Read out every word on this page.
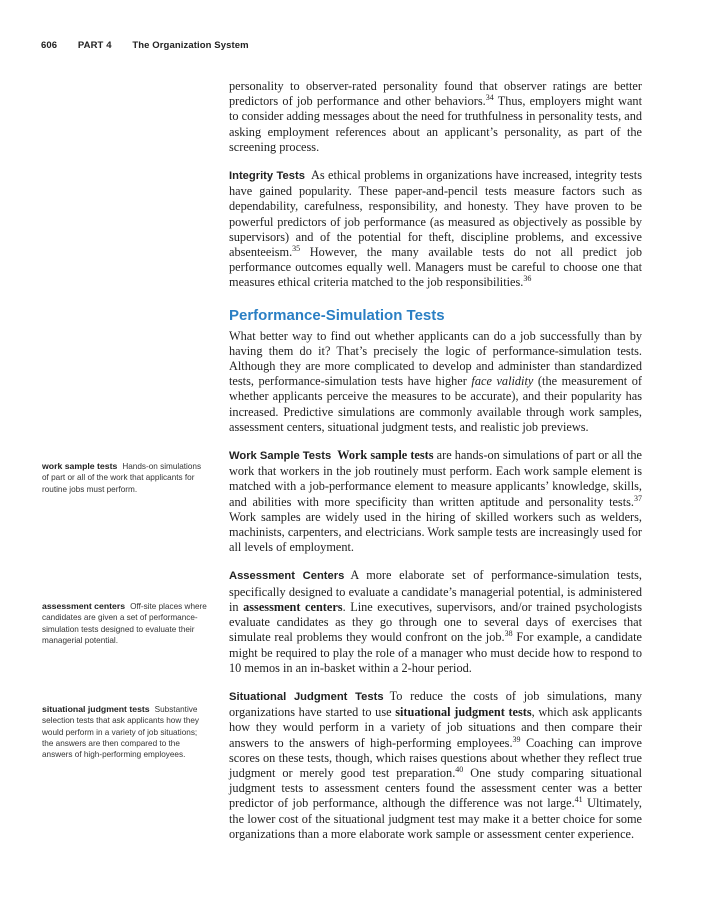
606 PART 4 The Organization System

personality to observer-rated personality found that observer ratings are better predictors of job performance and other behaviors.$^{34}$ Thus, employers might want to consider adding messages about the need for truthfulness in personality tests, and asking employment references about an applicant’s personality, as part of the screening process.

Integrity Tests As ethical problems in organizations have increased, integrity tests have gained popularity. These paper-and-pencil tests measure factors such as dependability, carefulness, responsibility, and honesty. They have proven to be powerful predictors of job performance (as measured as objectively as possible by supervisors) and of the potential for theft, discipline problems, and excessive absenteeism.$^{35}$ However, the many available tests do not all predict job performance outcomes equally well. Managers must be careful to choose one that measures ethical criteria matched to the job responsibilities.$^{36}$

Performance-Simulation Tests

What better way to find out whether applicants can do a job successfully than by having them do it? That’s precisely the logic of performance-simulation tests. Although they are more complicated to develop and administer than standardized tests, performance-simulation tests have higher face validity (the measurement of whether applicants perceive the measures to be accurate), and their popularity has increased. Predictive simulations are commonly available through work samples, assessment centers, situational judgment tests, and realistic job previews.

Work Sample Tests Work sample tests are hands-on simulations of part or all the work that workers in the job routinely must perform. Each work sample element is matched with a job-performance element to measure applicants’ knowledge, skills, and abilities with more specificity than written aptitude and personality tests.$^{37}$ Work samples are widely used in the hiring of skilled workers such as welders, machinists, carpenters, and electricians. Work sample tests are increasingly used for all levels of employment.

Assessment Centers A more elaborate set of performance-simulation tests, specifically designed to evaluate a candidate’s managerial potential, is administered in assessment centers. Line executives, supervisors, and/or trained psychologists evaluate candidates as they go through one to several days of exercises that simulate real problems they would confront on the job.$^{38}$ For example, a candidate might be required to play the role of a manager who must decide how to respond to 10 memos in an in-basket within a 2-hour period.

Situational Judgment Tests To reduce the costs of job simulations, many organizations have started to use situational judgment tests, which ask applicants how they would perform in a variety of job situations and then compare their answers to the answers of high-performing employees.$^{39}$ Coaching can improve scores on these tests, though, which raises questions about whether they reflect true judgment or merely good test preparation.$^{40}$ One study comparing situational judgment tests to assessment centers found the assessment center was a better predictor of job performance, although the difference was not large.$^{41}$ Ultimately, the lower cost of the situational judgment test may make it a better choice for some organizations than a more elaborate work sample or assessment center experience.

work sample tests Hands-on simulations of part or all of the work that applicants for routine jobs must perform.
assessment centers Off-site places where candidates are given a set of performance-simulation tests designed to evaluate their managerial potential.
situational judgment tests Substantive selection tests that ask applicants how they would perform in a variety of job situations; the answers are then compared to the answers of high-performing employees.
